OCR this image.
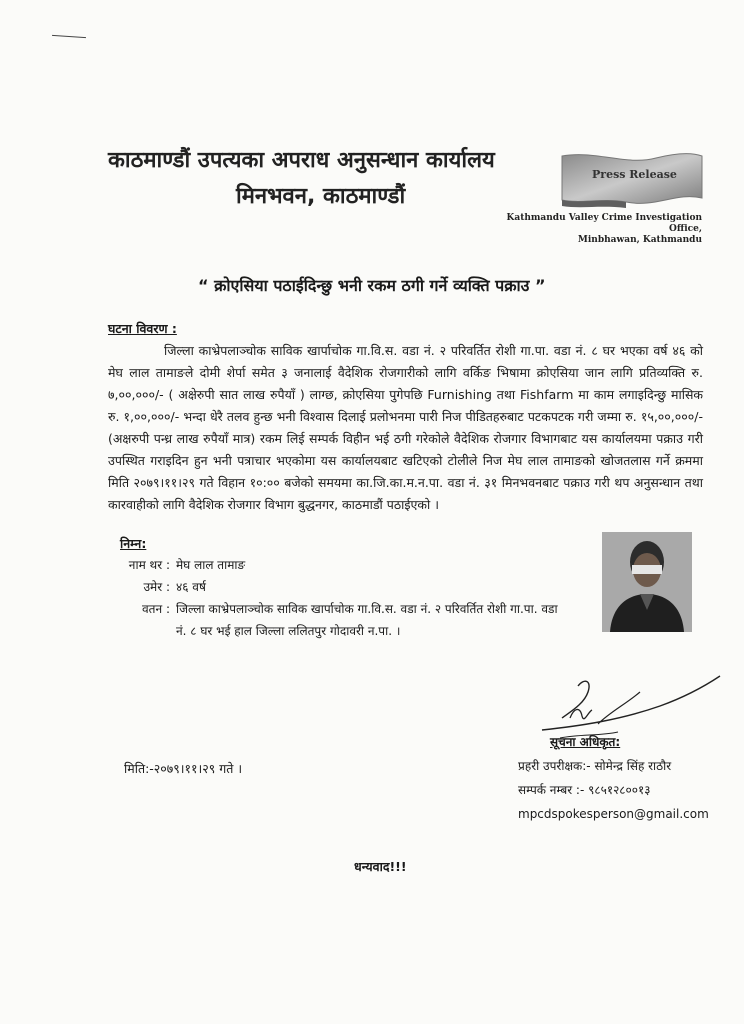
काठमाण्डौं उपत्यका अपराध अनुसन्धान कार्यालय
मिनभवन, काठमाण्डौं
Press Release
Kathmandu Valley Crime Investigation Office,
Minbhawan, Kathmandu
“ क्रोएसिया पठाईदिन्छु भनी रकम ठगी गर्ने व्यक्ति पक्राउ ”
घटना विवरण :

जिल्ला काभ्रेपलाञ्चोक साविक खार्पाचोक गा.वि.स. वडा नं. २ परिवर्तित रोशी गा.पा. वडा नं. ८ घर भएका वर्ष ४६ को मेघ लाल तामाङले दोमी शेर्पा समेत ३ जनालाई वैदेशिक रोजगारीको लागि वर्किङ भिषामा क्रोएसिया जान लागि प्रतिव्यक्ति रु. ७,००,०००/- ( अक्षेरुपी सात लाख रुपैयाँ ) लाग्छ, क्रोएसिया पुगेपछि Furnishing तथा Fishfarm मा काम लगाइदिन्छु मासिक रु. १,००,०००/- भन्दा धेरै तलव हुन्छ भनी विश्वास दिलाई प्रलोभनमा पारी निज पीडितहरुबाट पटकपटक गरी जम्मा रु. १५,००,०००/- (अक्षरुपी पन्ध्र लाख रुपैयाँ मात्र) रकम लिई सम्पर्क विहीन भई ठगी गरेकोले वैदेशिक रोजगार विभागबाट यस कार्यालयमा पक्राउ गरी उपस्थित गराइदिन हुन भनी पत्राचार भएकोमा यस कार्यालयबाट खटिएको टोलीले निज मेघ लाल तामाङको खोजतलास गर्ने क्रममा मिति २०७९।११।२९ गते विहान १०:०० बजेको समयमा का.जि.का.म.न.पा. वडा नं. ३१ मिनभवनबाट पक्राउ गरी थप अनुसन्धान तथा कारवाहीको लागि वैदेशिक रोजगार विभाग बुद्धनगर, काठमाडौं पठाईएको ।

निम्न:
नाम थर : मेघ लाल तामाङ
उमेर : ४६ वर्ष
वतन : जिल्ला काभ्रेपलाञ्चोक साविक खार्पाचोक गा.वि.स. वडा नं. २ परिवर्तित रोशी गा.पा. वडा
नं. ८ घर भई हाल जिल्ला ललितपुर गोदावरी न.पा. ।
मिति:-२०७९।११।२९ गते ।
सूचना अधिकृत:
प्रहरी उपरीक्षक:- सोमेन्द्र सिंह राठौर
सम्पर्क नम्बर :- ९८५१२८००१३
mpcdspokesperson@gmail.com
धन्यवाद!!!
